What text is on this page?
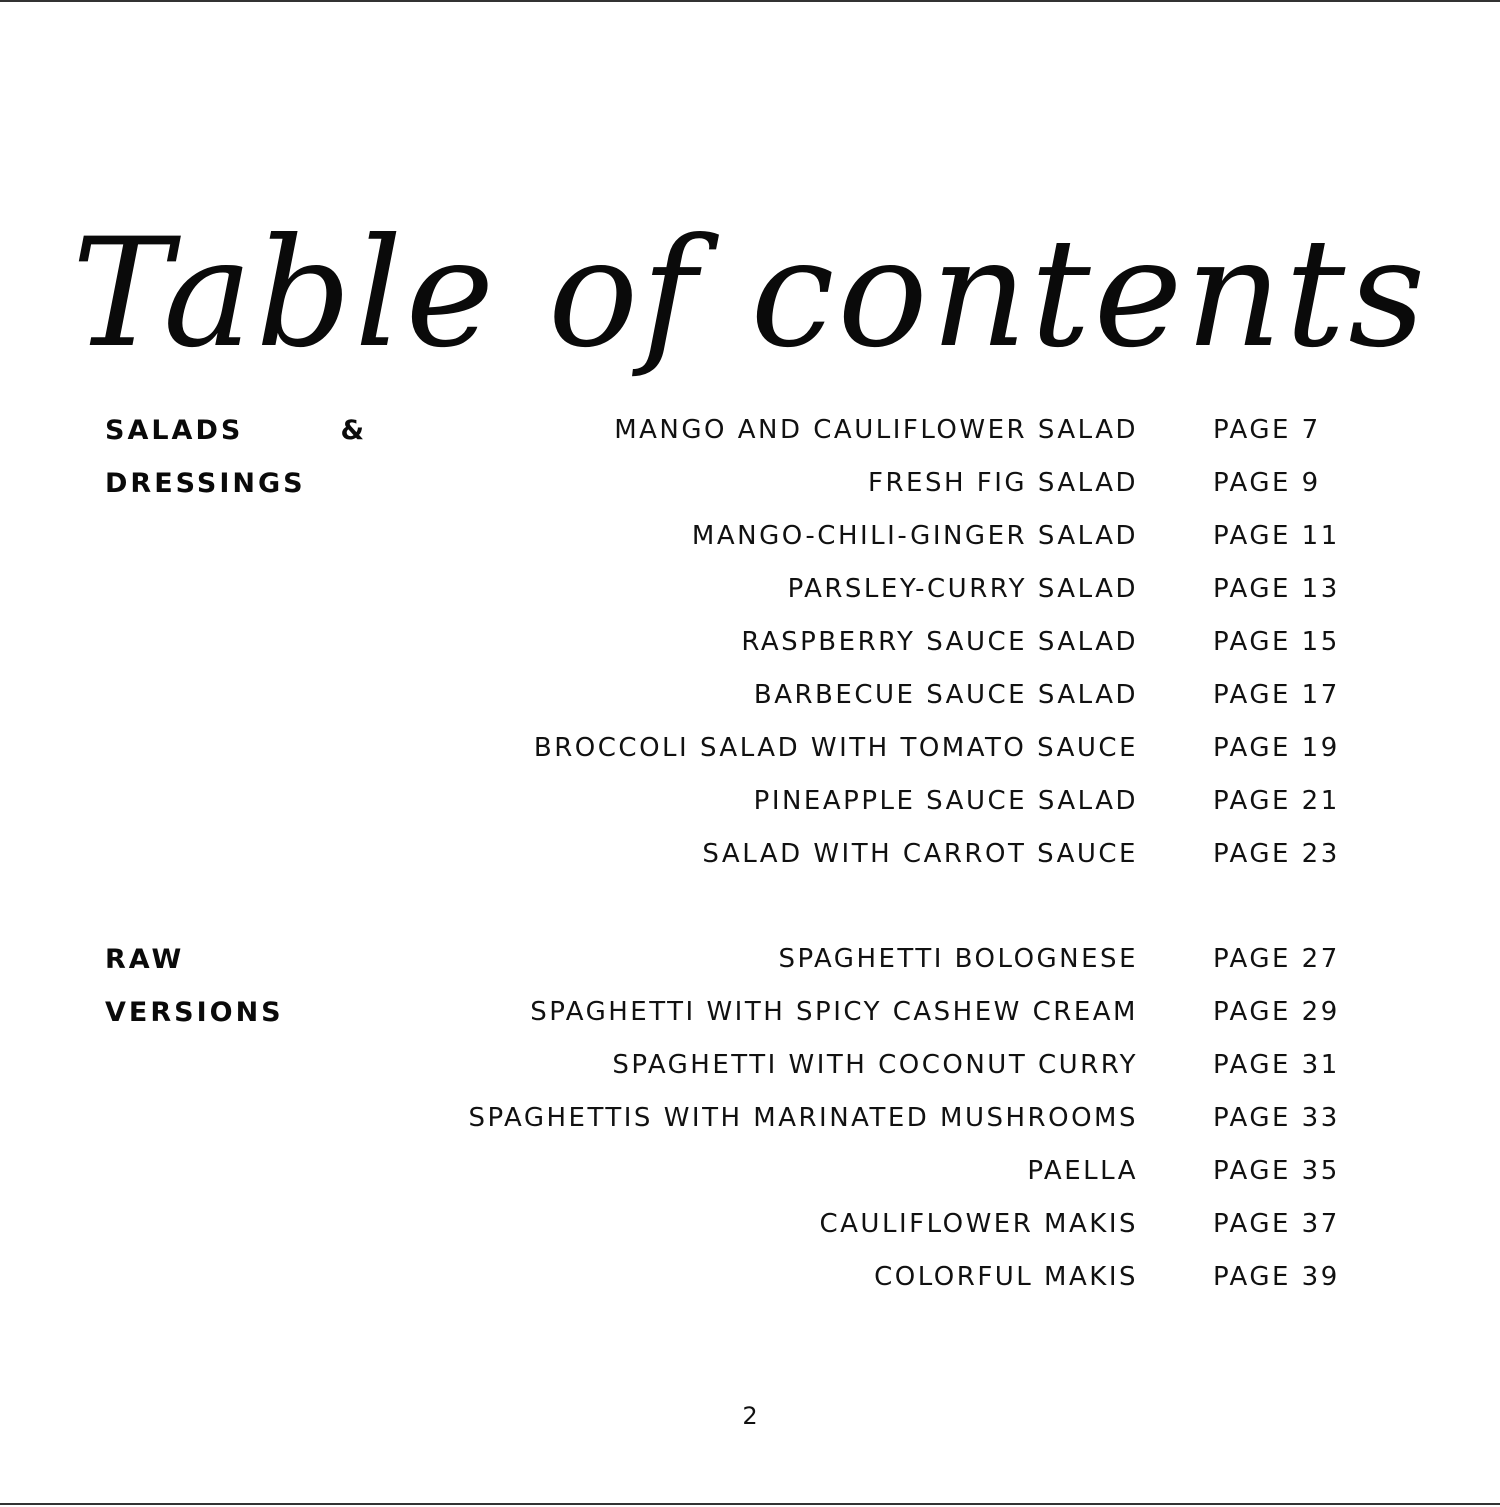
Table of contents
SALADS & DRESSINGS
MANGO AND CAULIFLOWER SALAD	PAGE 7
FRESH FIG SALAD	PAGE 9
MANGO-CHILI-GINGER SALAD	PAGE 11
PARSLEY-CURRY SALAD	PAGE 13
RASPBERRY SAUCE SALAD	PAGE 15
BARBECUE SAUCE SALAD	PAGE 17
BROCCOLI SALAD WITH TOMATO SAUCE	PAGE 19
PINEAPPLE SAUCE SALAD	PAGE 21
SALAD WITH CARROT SAUCE	PAGE 23
RAW VERSIONS
SPAGHETTI BOLOGNESE	PAGE 27
SPAGHETTI WITH SPICY CASHEW CREAM	PAGE 29
SPAGHETTI WITH COCONUT CURRY	PAGE 31
SPAGHETTIS WITH MARINATED MUSHROOMS	PAGE 33
PAELLA	PAGE 35
CAULIFLOWER MAKIS	PAGE 37
COLORFUL MAKIS	PAGE 39
2
